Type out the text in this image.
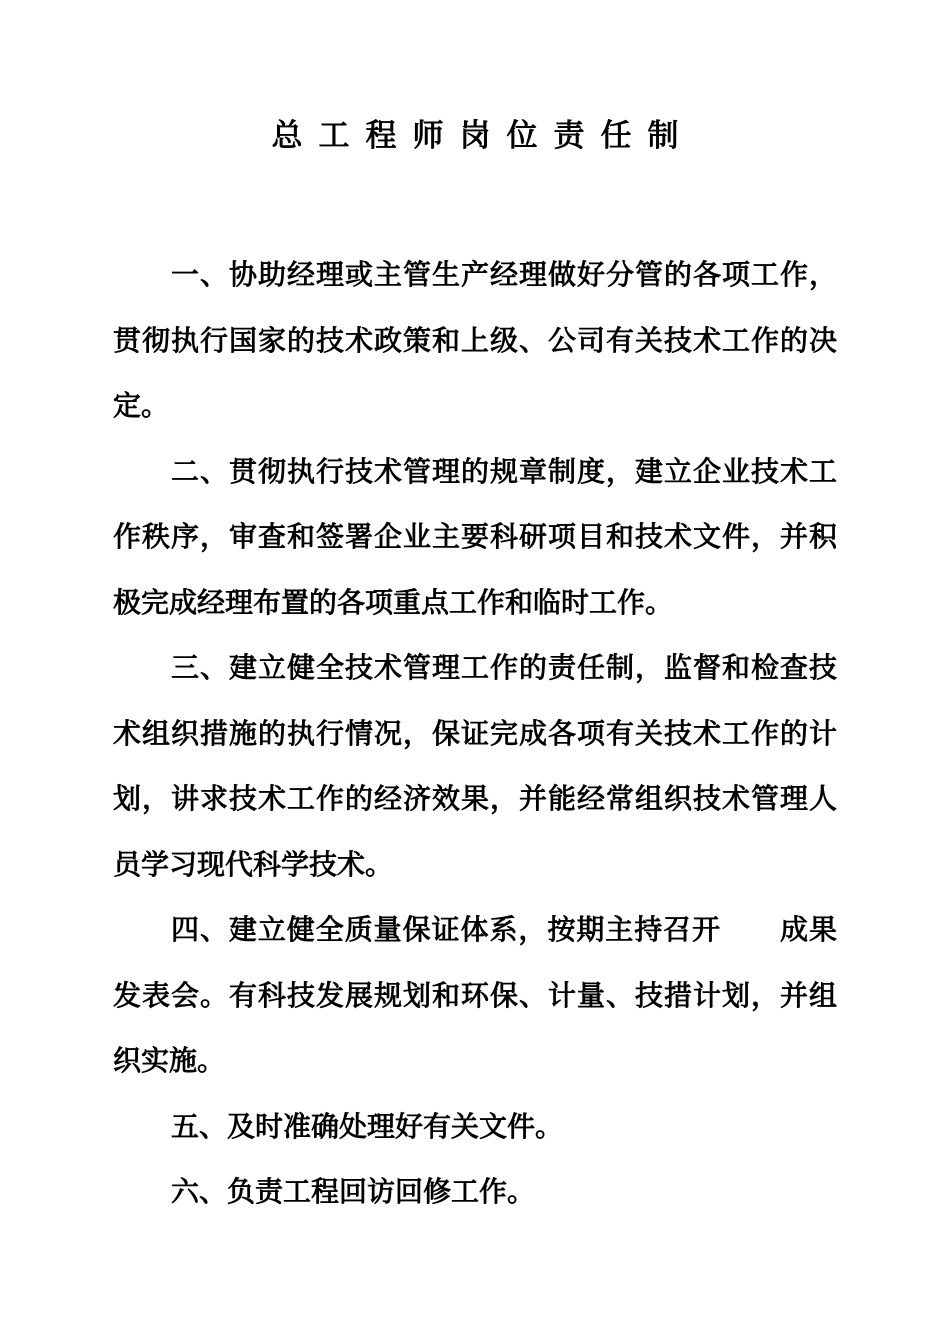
总工程师岗位责任制

一、协助经理或主管生产经理做好分管的各项工作，贯彻执行国家的技术政策和上级、公司有关技术工作的决定。

二、贯彻执行技术管理的规章制度，建立企业技术工作秩序，审查和签署企业主要科研项目和技术文件，并积极完成经理布置的各项重点工作和临时工作。

三、建立健全技术管理工作的责任制，监督和检查技术组织措施的执行情况，保证完成各项有关技术工作的计划，讲求技术工作的经济效果，并能经常组织技术管理人员学习现代科学技术。

四、建立健全质量保证体系，按期主持召开 成果发表会。有科技发展规划和环保、计量、技措计划，并组织实施。

五、及时准确处理好有关文件。

六、负责工程回访回修工作。
